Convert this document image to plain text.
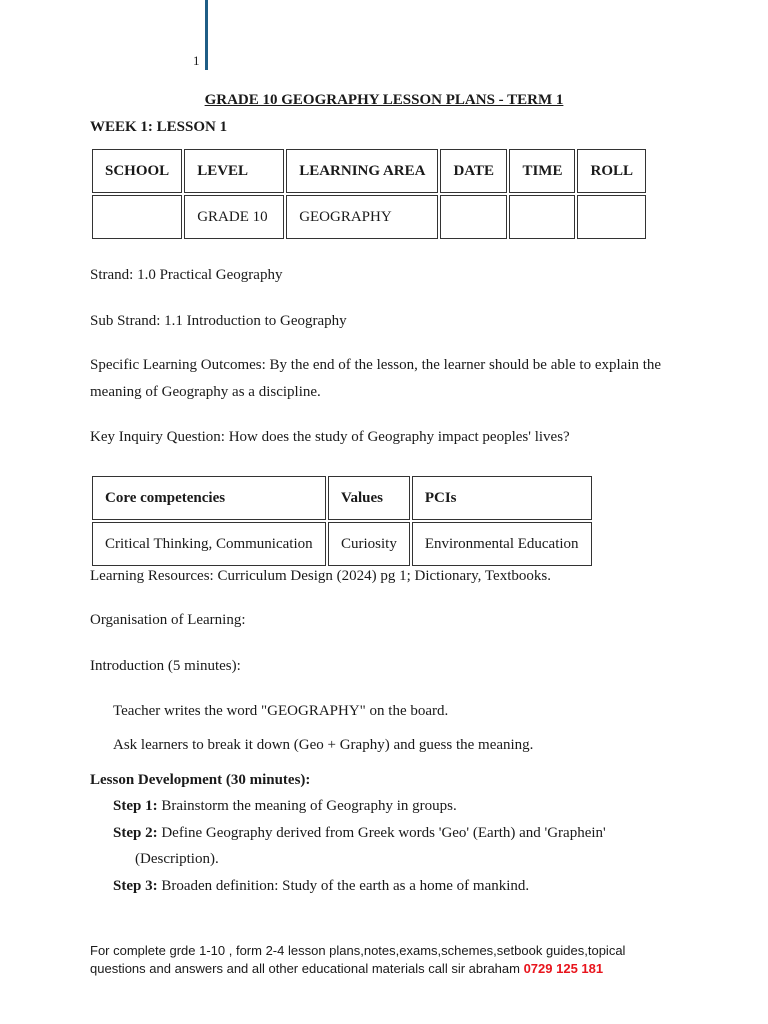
1
GRADE 10 GEOGRAPHY LESSON PLANS - TERM 1
WEEK 1: LESSON 1
SCHOOL	LEVEL	LEARNING AREA	DATE	TIME	ROLL
	GRADE 10	GEOGRAPHY			
Strand: 1.0 Practical Geography
Sub Strand: 1.1 Introduction to Geography
Specific Learning Outcomes: By the end of the lesson, the learner should be able to explain the
meaning of Geography as a discipline.
Key Inquiry Question: How does the study of Geography impact peoples' lives?
Core competencies	Values	PCIs
Critical Thinking, Communication	Curiosity	Environmental Education
Learning Resources: Curriculum Design (2024) pg 1; Dictionary, Textbooks.
Organisation of Learning:
Introduction (5 minutes):
Teacher writes the word "GEOGRAPHY" on the board.
Ask learners to break it down (Geo + Graphy) and guess the meaning.
Lesson Development (30 minutes):
Step 1: Brainstorm the meaning of Geography in groups.
Step 2: Define Geography derived from Greek words 'Geo' (Earth) and 'Graphein'
(Description).
Step 3: Broaden definition: Study of the earth as a home of mankind.
For complete grde 1-10 , form 2-4 lesson plans,notes,exams,schemes,setbook guides,topical
questions and answers and all other educational materials call sir abraham 0729 125 181
